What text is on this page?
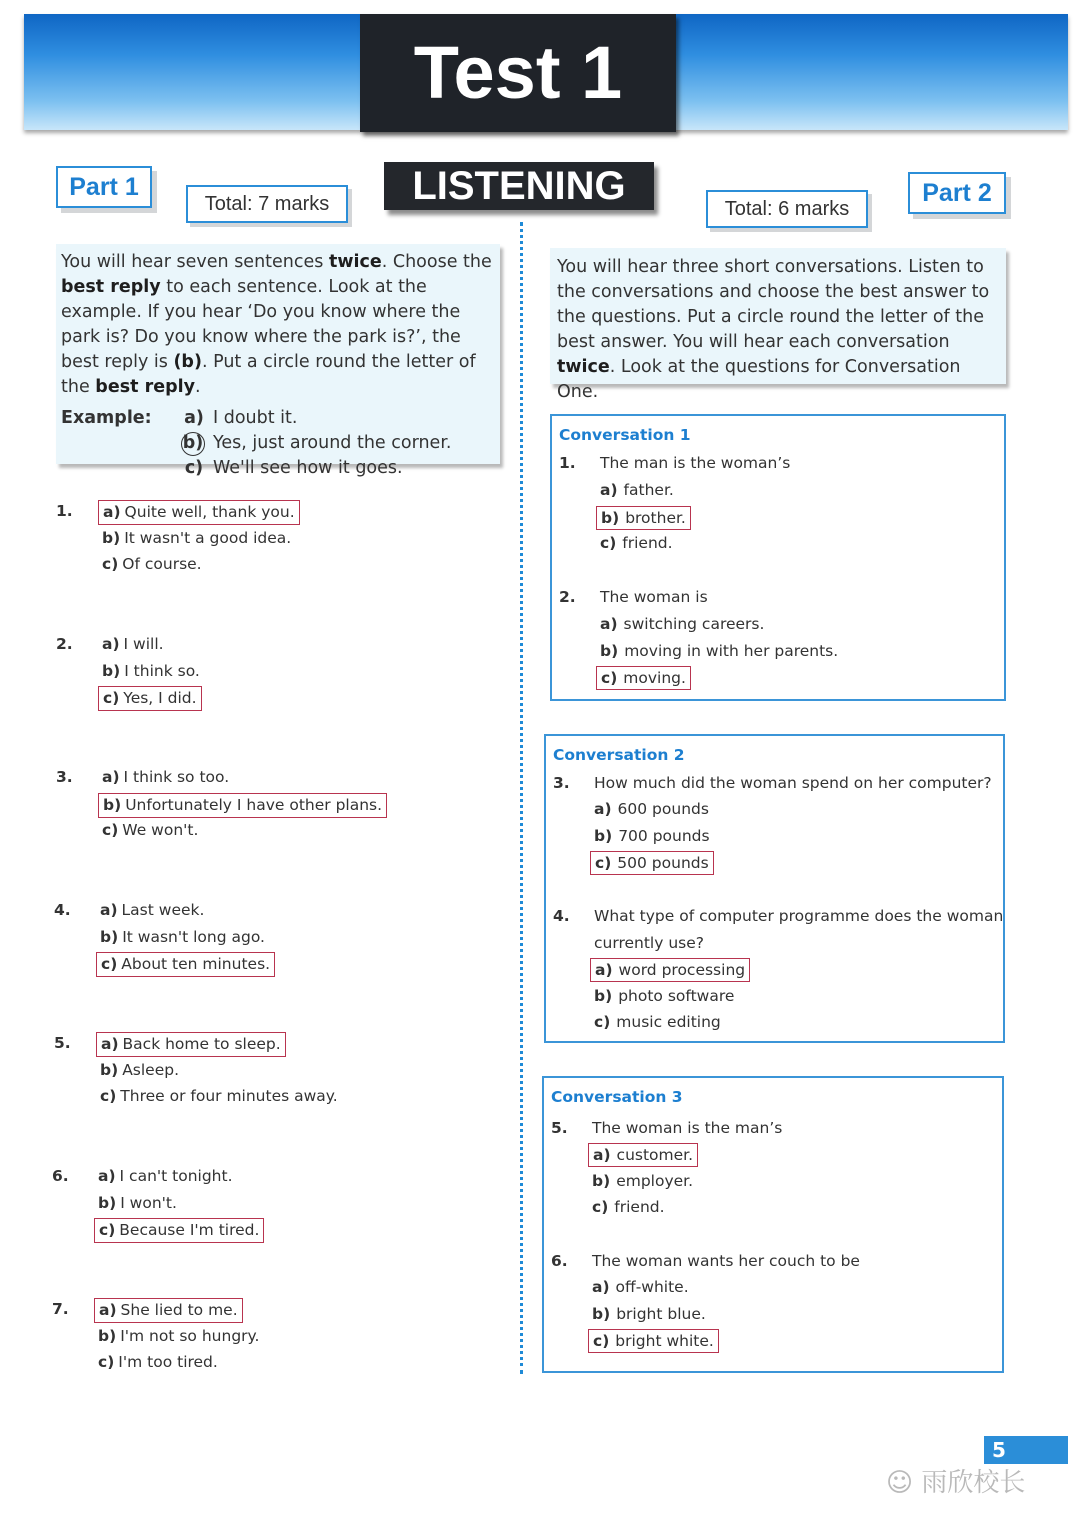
Test 1
Part 1
Total: 7 marks	LISTENING
Total: 6 marks
Part 2

You will hear seven sentences twice. Choose the best reply to each sentence. Look at the example. If you hear ‘Do you know where the park is? Do you know where the park is?’, the best reply is (b). Put a circle round the letter of the best reply.

Example:	a) I doubt it.
b) Yes, just around the corner.
c) We'll see how it goes.

You will hear three short conversations. Listen to the conversations and choose the best answer to the questions. Put a circle round the letter of the best answer. You will hear each conversation twice. Look at the questions for Conversation One.

1.	a) Quite well, thank you.
b) It wasn't a good idea.
c) Of course.
2. a) I will.
b) I think so.
c) Yes, I did.
3. a) I think so too.
b) Unfortunately I have other plans.
c) We won't.
4. a) Last week.
b) It wasn't long ago.
c) About ten minutes.
5.	a) Back home to sleep.
b) Asleep.
c) Three or four minutes away.
6. a) I can't tonight.
b) I won't.
c) Because I'm tired.
7.	a) She lied to me.
b) I'm not so hungry.
c) I'm too tired.
Conversation 1
1. The man is the woman’s
a) father.
b) brother.
c) friend.
2. The woman is
a) switching careers.
b) moving in with her parents.
c) moving.
Conversation 2
3. How much did the woman spend on her computer?
a) 600 pounds
b) 700 pounds
c) 500 pounds
4. What type of computer programme does the woman
currently use?
a) word processing
b) photo software
c) music editing
Conversation 3
5. The woman is the man’s
a) customer.
b) employer.
c) friend.
6. The woman wants her couch to be
a) off-white.
b) bright blue.
c) bright white.
5
☺ 雨欣校长
